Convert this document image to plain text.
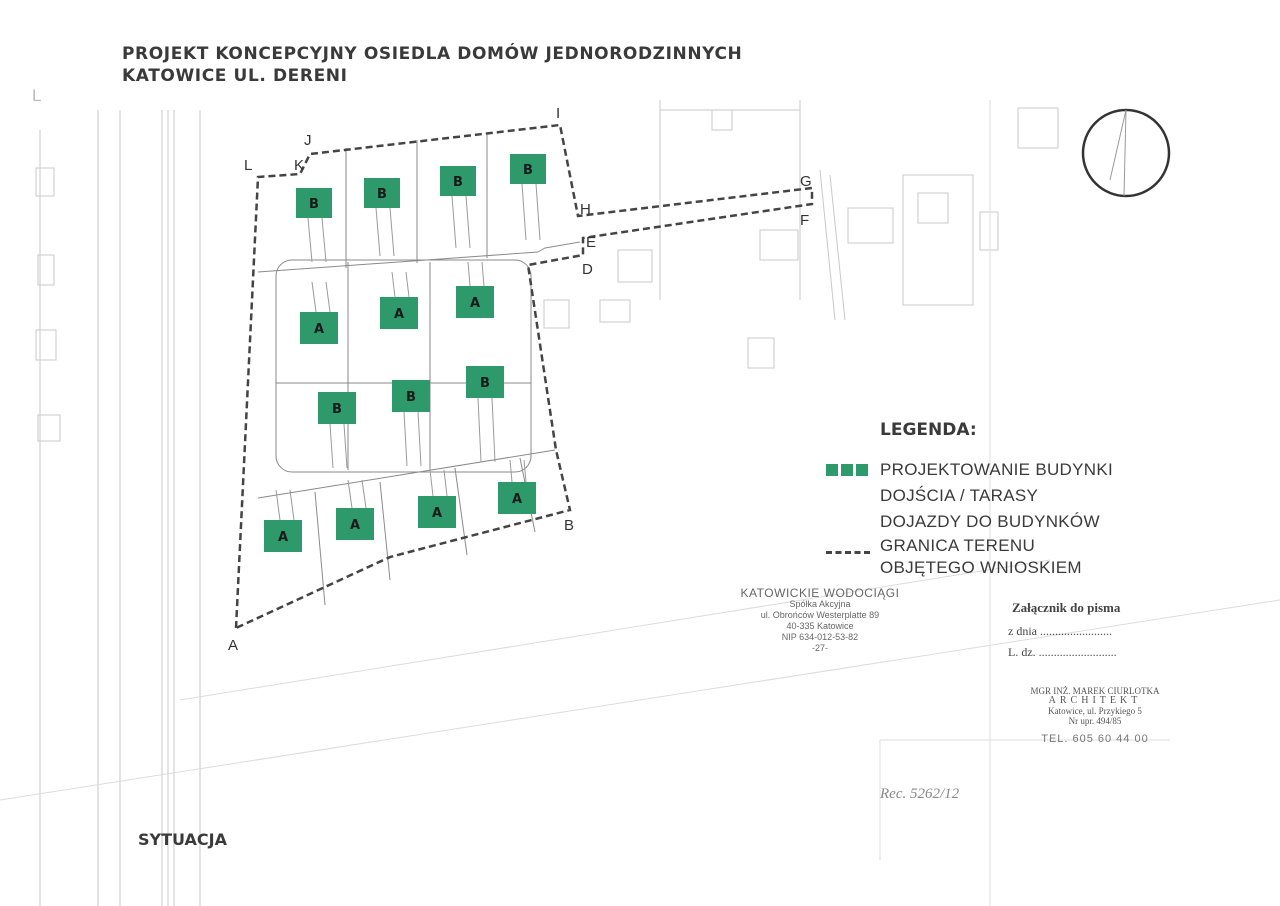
L
PROJEKT KONCEPCYJNY OSIEDLA DOMÓW JEDNORODZINNYCH
KATOWICE UL. DERENI
B
B
B
B
A
A
A
B
B
B
A
A
A
A
A
B
D
E
F
G
H
I
J
K
L
LEGENDA:
PROJEKTOWANIE BUDYNKI
DOJŚCIA / TARASY
DOJAZDY DO BUDYNKÓW
GRANICA TERENU
OBJĘTEGO WNIOSKIEM
KATOWICKIE WODOCIĄGI
Spółka Akcyjna
ul. Obrońców Westerplatte 89
40-335 Katowice
NIP 634-012-53-82
-27-
Załącznik do pisma
z dnia ........................
L. dz. ..........................
MGR INŻ. MAREK CIURLOTKA
ARCHITEKT
Katowice, ul. Przykiego 5
Nr upr. 494/85
TEL. 605 60 44 00
Rec. 5262/12
SYTUACJA
